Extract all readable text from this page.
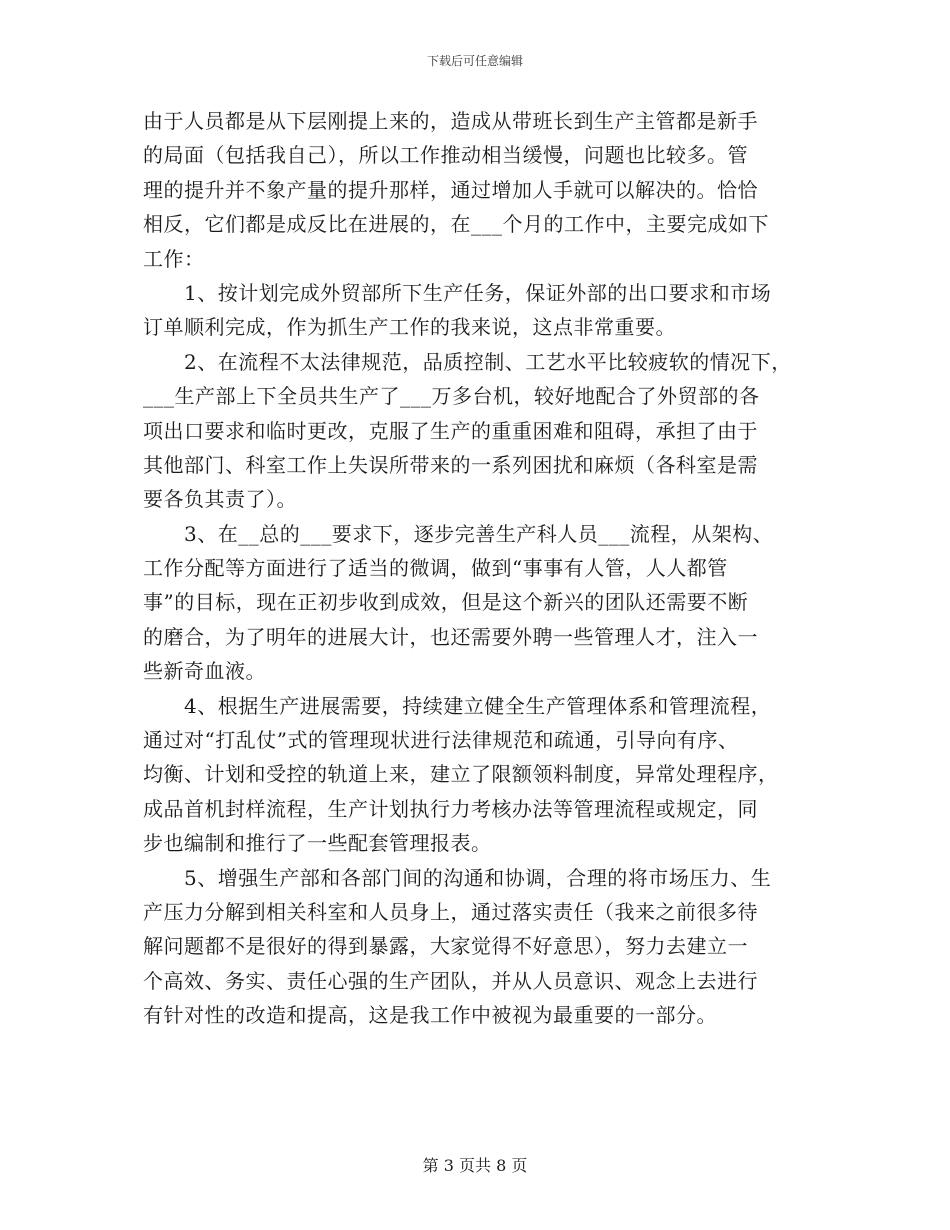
下载后可任意编辑
由于人员都是从下层刚提上来的，造成从带班长到生产主管都是新手
的局面（包括我自己），所以工作推动相当缓慢，问题也比较多。管
理的提升并不象产量的提升那样，通过增加人手就可以解决的。恰恰
相反，它们都是成反比在进展的，在___个月的工作中，主要完成如下
工作：
　　1、按计划完成外贸部所下生产任务，保证外部的出口要求和市场
订单顺利完成，作为抓生产工作的我来说，这点非常重要。
　　2、在流程不太法律规范，品质控制、工艺水平比较疲软的情况下，
___生产部上下全员共生产了___万多台机，较好地配合了外贸部的各
项出口要求和临时更改，克服了生产的重重困难和阻碍，承担了由于
其他部门、科室工作上失误所带来的一系列困扰和麻烦（各科室是需
要各负其责了）。
　　3、在__总的___要求下，逐步完善生产科人员___流程，从架构、
工作分配等方面进行了适当的微调，做到“事事有人管，人人都管
事”的目标，现在正初步收到成效，但是这个新兴的团队还需要不断
的磨合，为了明年的进展大计，也还需要外聘一些管理人才，注入一
些新奇血液。
　　4、根据生产进展需要，持续建立健全生产管理体系和管理流程，
通过对“打乱仗”式的管理现状进行法律规范和疏通，引导向有序、
均衡、计划和受控的轨道上来，建立了限额领料制度，异常处理程序，
成品首机封样流程，生产计划执行力考核办法等管理流程或规定，同
步也编制和推行了一些配套管理报表。
　　5、增强生产部和各部门间的沟通和协调，合理的将市场压力、生
产压力分解到相关科室和人员身上，通过落实责任（我来之前很多待
解问题都不是很好的得到暴露，大家觉得不好意思），努力去建立一
个高效、务实、责任心强的生产团队，并从人员意识、观念上去进行
有针对性的改造和提高，这是我工作中被视为最重要的一部分。
第 3 页共 8 页
